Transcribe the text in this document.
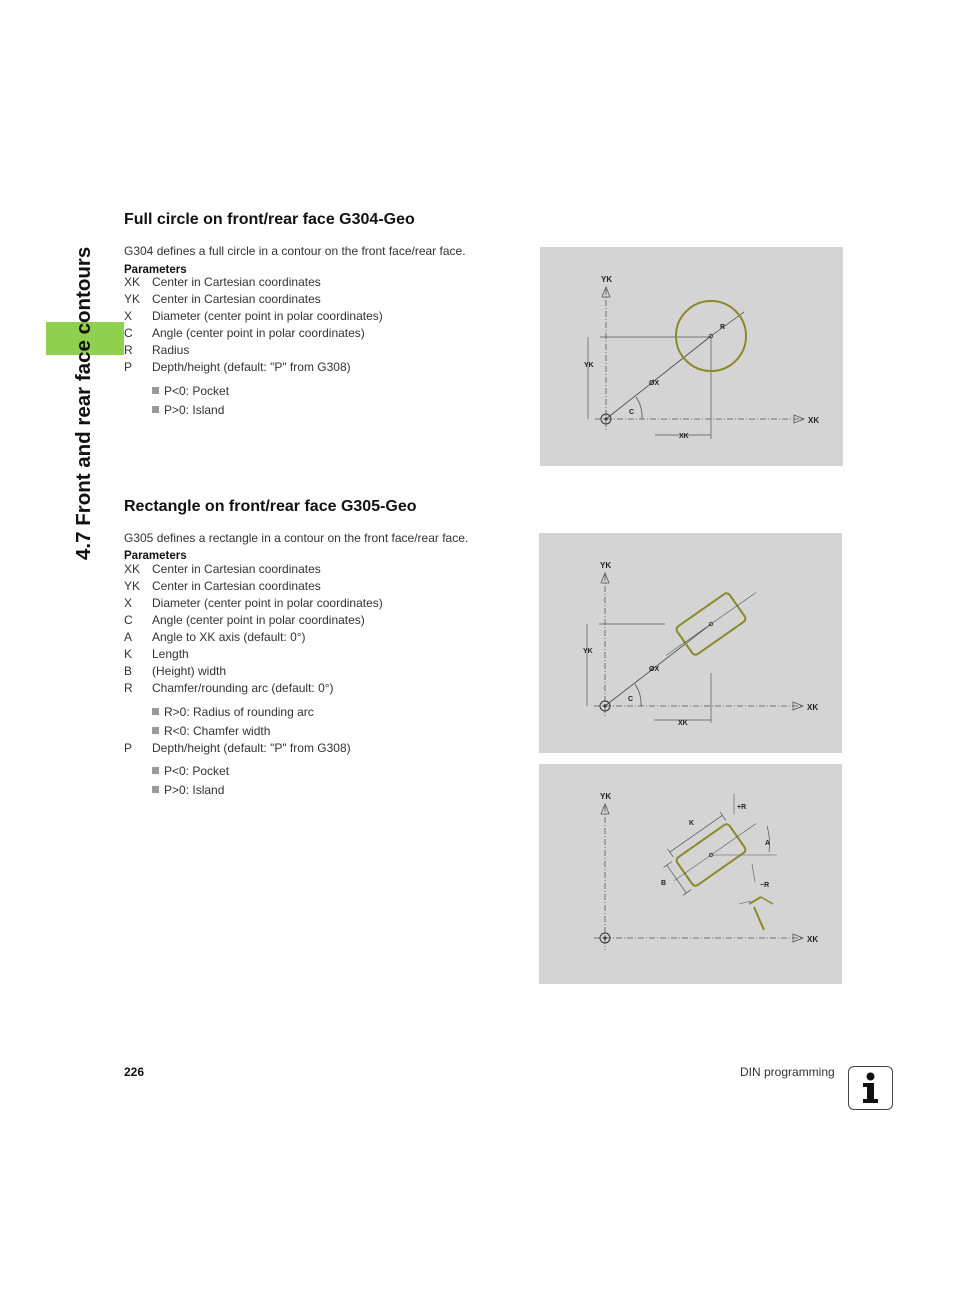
4.7 Front and rear face contours
Full circle on front/rear face G304-Geo
G304 defines a full circle in a contour on the front face/rear face.
Parameters
XK Center in Cartesian coordinates
YK Center in Cartesian coordinates
X Diameter (center point in polar coordinates)
C Angle (center point in polar coordinates)
R Radius
P Depth/height (default: "P" from G308)
P<0: Pocket
P>0: Island
YK
XK
YK
XK
ØX
C
R
Rectangle on front/rear face G305-Geo
G305 defines a rectangle in a contour on the front face/rear face.
Parameters
XK Center in Cartesian coordinates
YK Center in Cartesian coordinates
X Diameter (center point in polar coordinates)
C Angle (center point in polar coordinates)
A Angle to XK axis (default: 0°)
K Length
B (Height) width
R Chamfer/rounding arc (default: 0°)
R>0: Radius of rounding arc
R<0: Chamfer width
P Depth/height (default: "P" from G308)
P<0: Pocket
P>0: Island
YK
XK
YK
XK
ØX
C
YK
XK
K
B
A
+R
−R
226	DIN programming
